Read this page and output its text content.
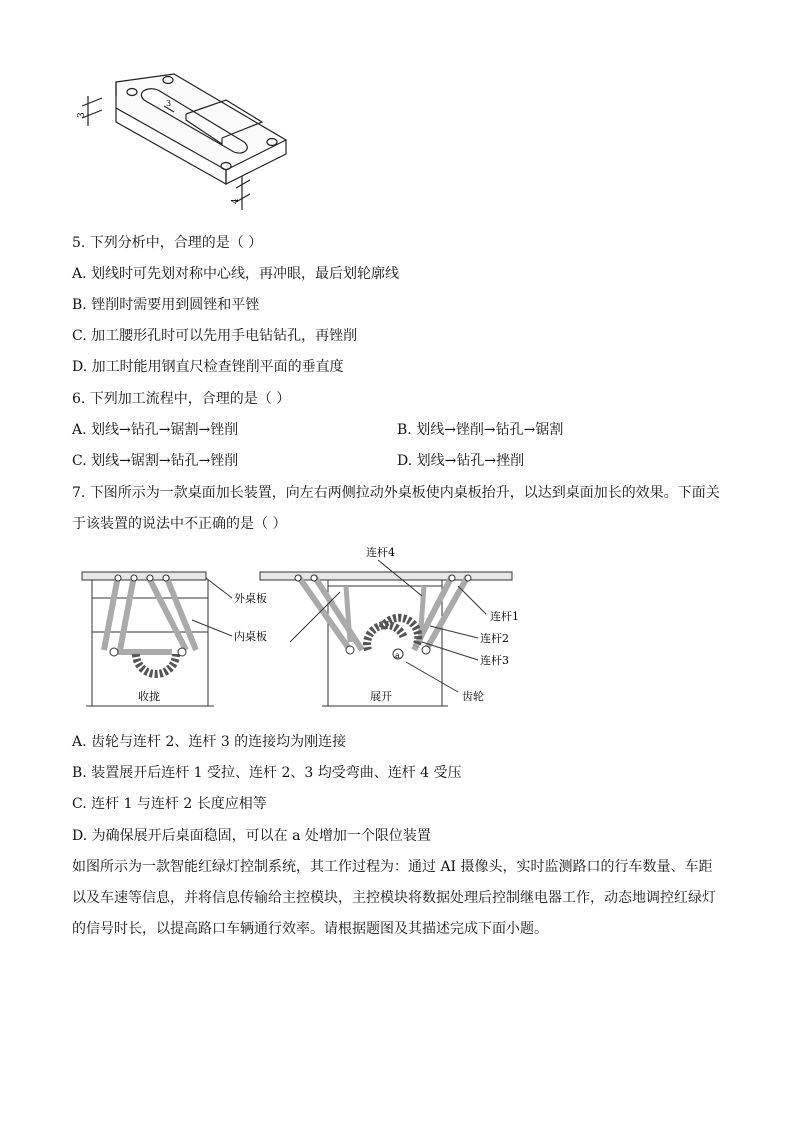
3
4
3
5. 下列分析中，合理的是（ ）
A. 划线时可先划对称中心线，再冲眼，最后划轮廓线
B. 锉削时需要用到圆锉和平锉
C. 加工腰形孔时可以先用手电钻钻孔，再锉削
D. 加工时能用钢直尺检查锉削平面的垂直度
6. 下列加工流程中，合理的是（ ）
A. 划线→钻孔→锯割→锉削	B. 划线→锉削→钻孔→锯割
C. 划线→锯割→钻孔→锉削	D. 划线→钻孔→挫削
7. 下图所示为一款桌面加长装置，向左右两侧拉动外桌板使内桌板抬升，以达到桌面加长的效果。下面关
于该装置的说法中不正确的是（ ）
外桌板
内桌板
收拢	展开
连杆4
连杆1
连杆2
连杆3
齿轮
a
A. 齿轮与连杆 2、连杆 3 的连接均为刚连接
B. 装置展开后连杆 1 受拉、连杆 2、3 均受弯曲、连杆 4 受压
C. 连杆 1 与连杆 2 长度应相等
D. 为确保展开后桌面稳固，可以在 a 处增加一个限位装置
如图所示为一款智能红绿灯控制系统，其工作过程为：通过 AI 摄像头，实时监测路口的行车数量、车距以及车速等信息，并将信息传输给主控模块，主控模块将数据处理后控制继电器工作，动态地调控红绿灯的信号时长，以提高路口车辆通行效率。请根据题图及其描述完成下面小题。
